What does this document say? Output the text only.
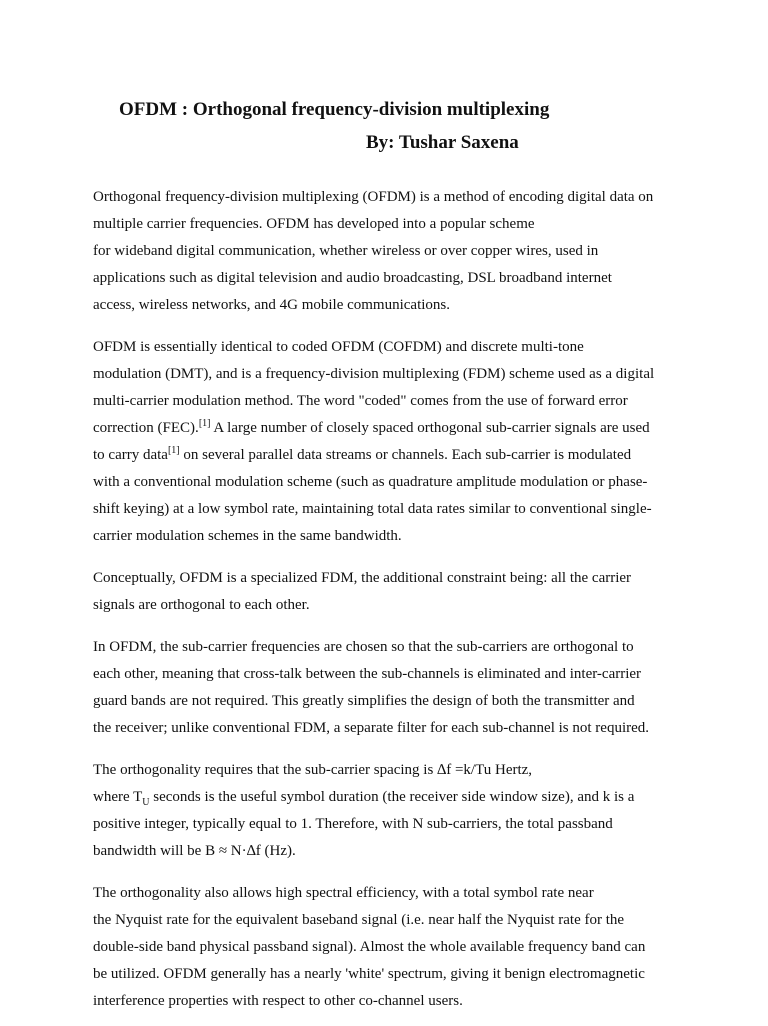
OFDM : Orthogonal frequency-division multiplexing
By: Tushar Saxena

Orthogonal frequency-division multiplexing (OFDM) is a method of encoding digital data on
multiple carrier frequencies. OFDM has developed into a popular scheme
for wideband digital communication, whether wireless or over copper wires, used in
applications such as digital television and audio broadcasting, DSL broadband internet
access, wireless networks, and 4G mobile communications.

OFDM is essentially identical to coded OFDM (COFDM) and discrete multi-tone
modulation (DMT), and is a frequency-division multiplexing (FDM) scheme used as a digital
multi-carrier modulation method. The word "coded" comes from the use of forward error
correction (FEC).[1] A large number of closely spaced orthogonal sub-carrier signals are used
to carry data[1] on several parallel data streams or channels. Each sub-carrier is modulated
with a conventional modulation scheme (such as quadrature amplitude modulation or phase-
shift keying) at a low symbol rate, maintaining total data rates similar to conventional single-
carrier modulation schemes in the same bandwidth.

Conceptually, OFDM is a specialized FDM, the additional constraint being: all the carrier
signals are orthogonal to each other.

In OFDM, the sub-carrier frequencies are chosen so that the sub-carriers are orthogonal to
each other, meaning that cross-talk between the sub-channels is eliminated and inter-carrier
guard bands are not required. This greatly simplifies the design of both the transmitter and
the receiver; unlike conventional FDM, a separate filter for each sub-channel is not required.

The orthogonality requires that the sub-carrier spacing is ∆f =k/Tu Hertz,
where $T_U$ seconds is the useful symbol duration (the receiver side window size), and k is a
positive integer, typically equal to 1. Therefore, with N sub-carriers, the total passband
bandwidth will be B ≈ N·∆f (Hz).

The orthogonality also allows high spectral efficiency, with a total symbol rate near
the Nyquist rate for the equivalent baseband signal (i.e. near half the Nyquist rate for the
double-side band physical passband signal). Almost the whole available frequency band can
be utilized. OFDM generally has a nearly 'white' spectrum, giving it benign electromagnetic
interference properties with respect to other co-channel users.
